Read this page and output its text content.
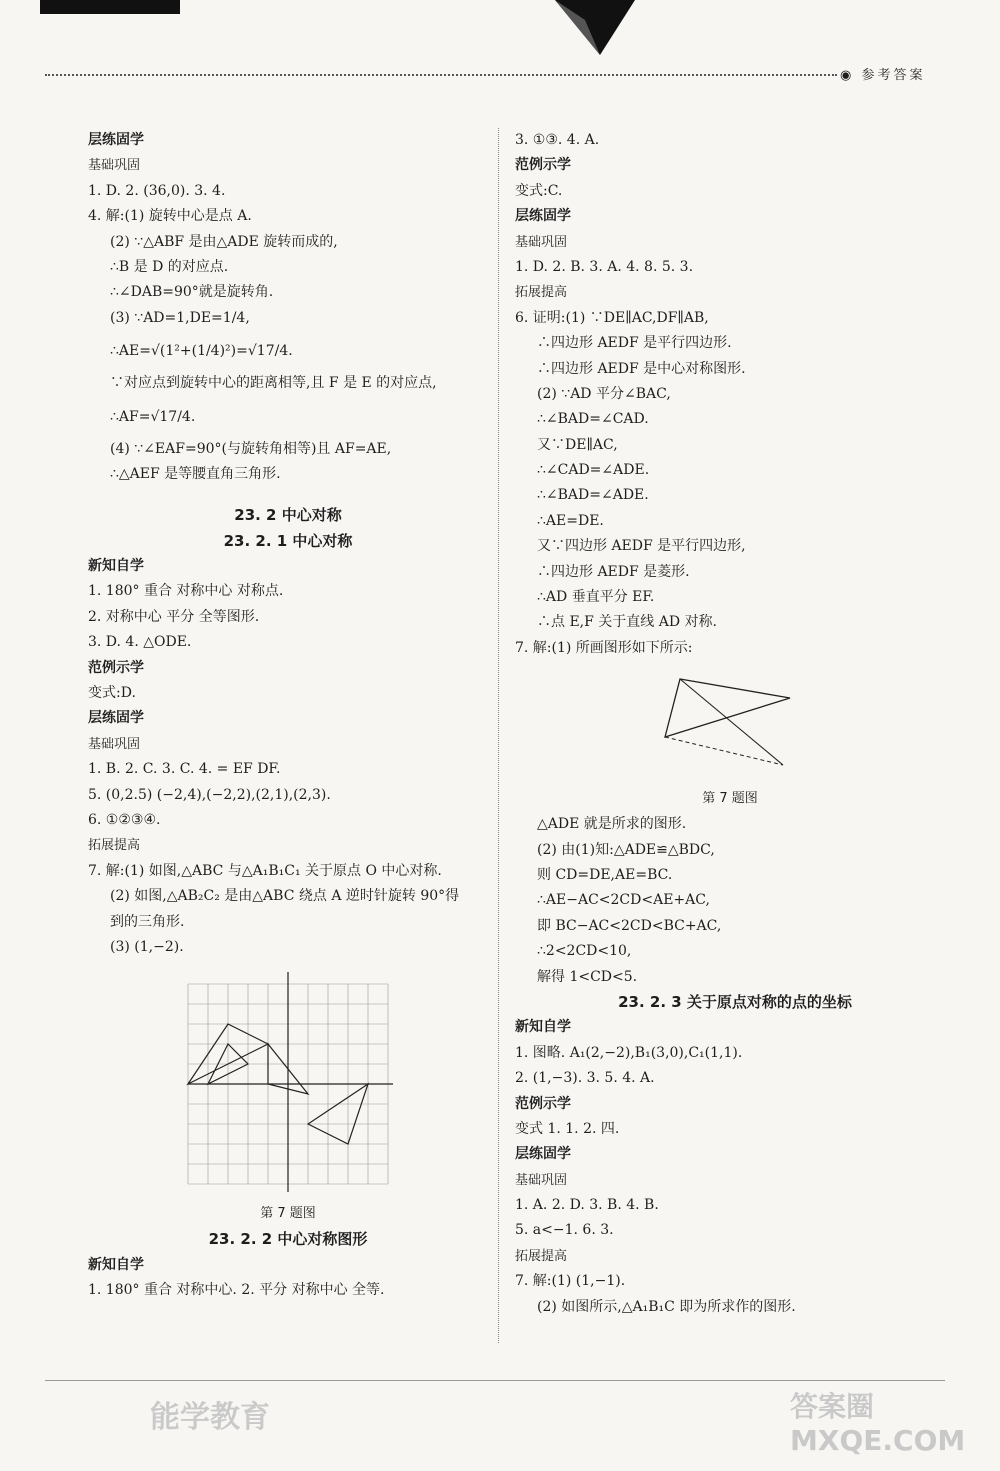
◉ 参考答案
层练固学
基础巩固
1. D. 2. (36,0). 3. 4.
4. 解:(1) 旋转中心是点 A.
(2) ∵△ABF 是由△ADE 旋转而成的,
∴B 是 D 的对应点.
∴∠DAB=90°就是旋转角.
(3) ∵AD=1,DE=1/4,
∴AE=√(1²+(1/4)²)=√17/4.
∵对应点到旋转中心的距离相等,且 F 是 E 的对应点,
∴AF=√17/4.
(4) ∵∠EAF=90°(与旋转角相等)且 AF=AE,
∴△AEF 是等腰直角三角形.
23. 2 中心对称
23. 2. 1 中心对称
新知自学
1. 180° 重合 对称中心 对称点.
2. 对称中心 平分 全等图形.
3. D. 4. △ODE.
范例示学
变式:D.
层练固学
基础巩固
1. B. 2. C. 3. C. 4. = EF DF.
5. (0,2.5) (−2,4),(−2,2),(2,1),(2,3).
6. ①②③④.
拓展提高
7. 解:(1) 如图,△ABC 与△A₁B₁C₁ 关于原点 O 中心对称.
(2) 如图,△AB₂C₂ 是由△ABC 绕点 A 逆时针旋转 90°得
到的三角形.
(3) (1,−2).
第 7 题图
23. 2. 2 中心对称图形
新知自学
1. 180° 重合 对称中心. 2. 平分 对称中心 全等.
3. ①③. 4. A.
范例示学
变式:C.
层练固学
基础巩固
1. D. 2. B. 3. A. 4. 8. 5. 3.
拓展提高
6. 证明:(1) ∵DE∥AC,DF∥AB,
∴四边形 AEDF 是平行四边形.
∴四边形 AEDF 是中心对称图形.
(2) ∵AD 平分∠BAC,
∴∠BAD=∠CAD.
又∵DE∥AC,
∴∠CAD=∠ADE.
∴∠BAD=∠ADE.
∴AE=DE.
又∵四边形 AEDF 是平行四边形,
∴四边形 AEDF 是菱形.
∴AD 垂直平分 EF.
∴点 E,F 关于直线 AD 对称.
7. 解:(1) 所画图形如下所示:
第 7 题图
△ADE 就是所求的图形.
(2) 由(1)知:△ADE≌△BDC,
则 CD=DE,AE=BC.
∴AE−AC<2CD<AE+AC,
即 BC−AC<2CD<BC+AC,
∴2<2CD<10,
解得 1<CD<5.
23. 2. 3 关于原点对称的点的坐标
新知自学
1. 图略. A₁(2,−2),B₁(3,0),C₁(1,1).
2. (1,−3). 3. 5. 4. A.
范例示学
变式 1. 1. 2. 四.
层练固学
基础巩固
1. A. 2. D. 3. B. 4. B.
5. a<−1. 6. 3.
拓展提高
7. 解:(1) (1,−1).
(2) 如图所示,△A₁B₁C 即为所求作的图形.
能学教育	答案圈 MXQE.COM
